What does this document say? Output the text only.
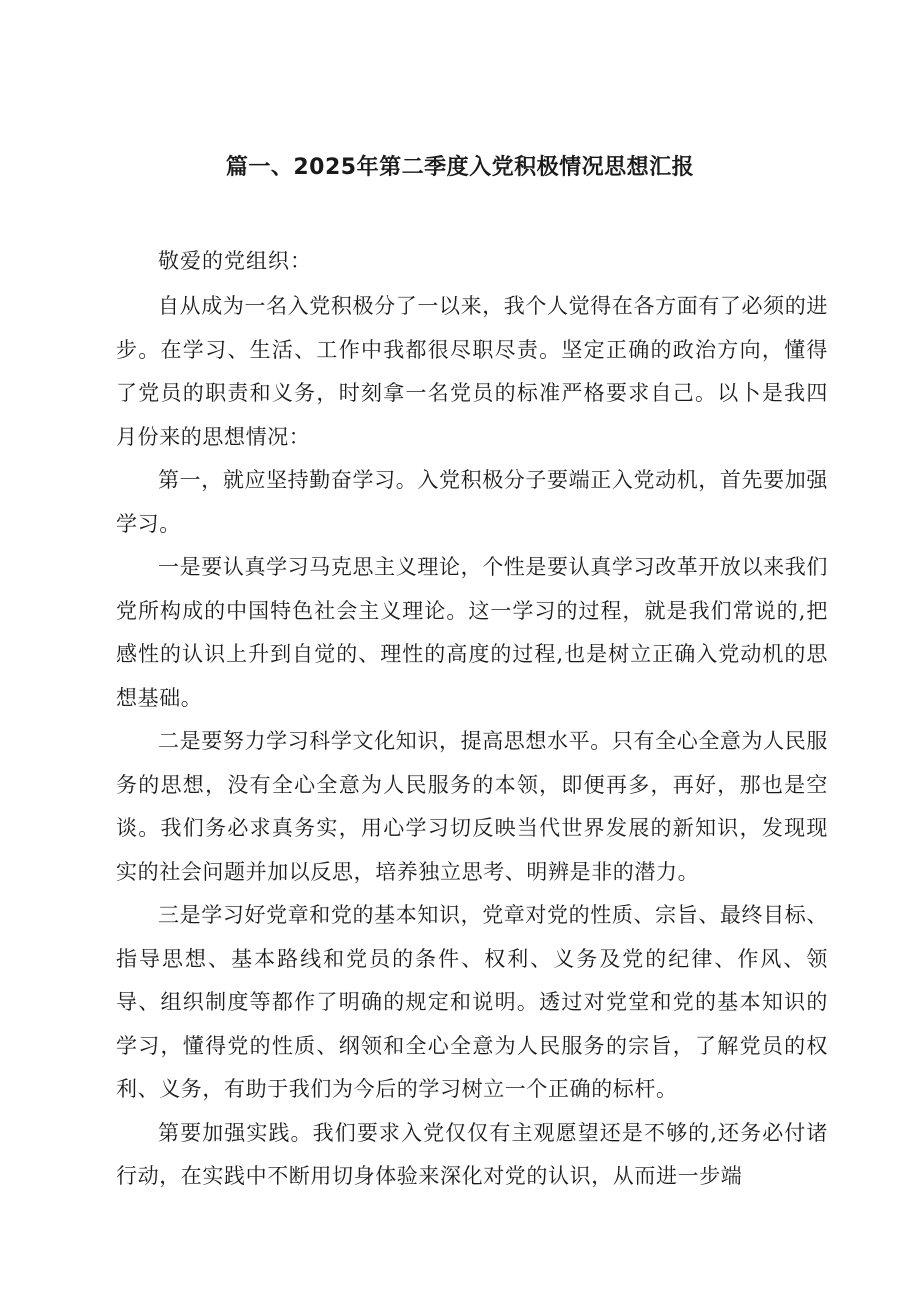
篇一、2025年第二季度入党积极情况思想汇报

敬爱的党组织：

自从成为一名入党积极分了一以来，我个人觉得在各方面有了必须的进步。在学习、生活、工作中我都很尽职尽责。坚定正确的政治方向，懂得了党员的职责和义务，时刻拿一名党员的标准严格要求自己。以卜是我四月份来的思想情况：

第一，就应坚持勤奋学习。入党积极分子要端正入党动机，首先要加强学习。

一是要认真学习马克思主义理论，个性是要认真学习改革开放以来我们党所构成的中国特色社会主义理论。这一学习的过程，就是我们常说的,把感性的认识上升到自觉的、理性的高度的过程,也是树立正确入党动机的思想基础。

二是要努力学习科学文化知识，提高思想水平。只有全心全意为人民服务的思想，没有全心全意为人民服务的本领，即便再多，再好，那也是空谈。我们务必求真务实，用心学习切反映当代世界发展的新知识，发现现实的社会问题并加以反思，培养独立思考、明辨是非的潜力。

三是学习好党章和党的基本知识，党章对党的性质、宗旨、最终目标、指导思想、基本路线和党员的条件、权利、义务及党的纪律、作风、领导、组织制度等都作了明确的规定和说明。透过对党堂和党的基本知识的学习，懂得党的性质、纲领和全心全意为人民服务的宗旨，了解党员的权利、义务，有助于我们为今后的学习树立一个正确的标杆。

第要加强实践。我们要求入党仅仅有主观愿望还是不够的,还务必付诸行动，在实践中不断用切身体验来深化对党的认识，从而进一步端
